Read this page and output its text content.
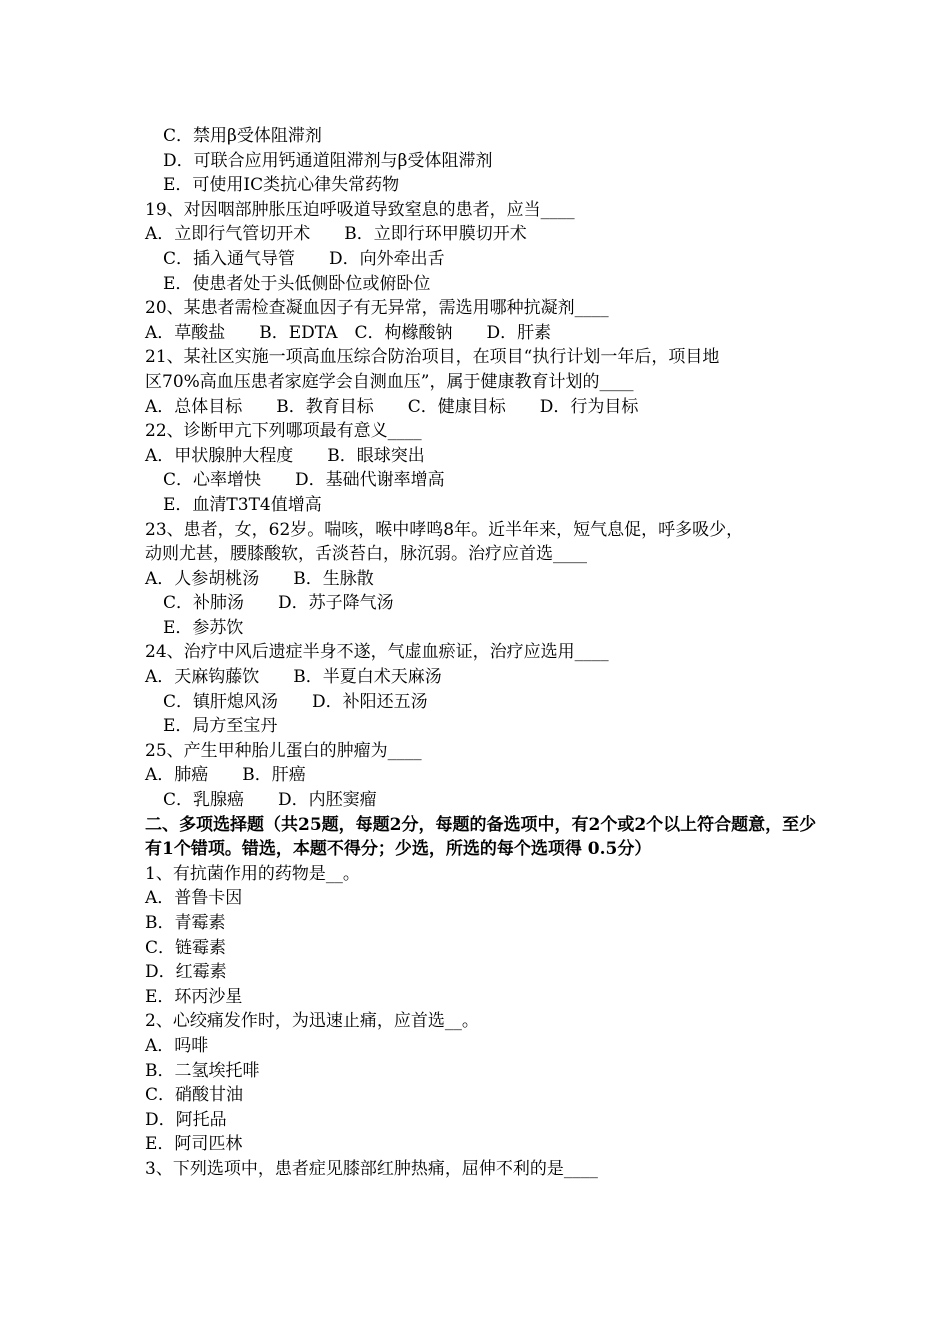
C．禁用β受体阻滞剂
D．可联合应用钙通道阻滞剂与β受体阻滞剂
E．可使用IC类抗心律失常药物
19、对因咽部肿胀压迫呼吸道导致窒息的患者，应当____
A．立即行气管切开术　　B．立即行环甲膜切开术
C．插入通气导管　　D．向外牵出舌
E．使患者处于头低侧卧位或俯卧位
20、某患者需检查凝血因子有无异常，需选用哪种抗凝剂____
A．草酸盐　　B．EDTA　C．枸橼酸钠　　D．肝素
21、某社区实施一项高血压综合防治项目，在项目“执行计划一年后，项目地
区70%高血压患者家庭学会自测血压”，属于健康教育计划的____
A．总体目标　　B．教育目标　　C．健康目标　　D．行为目标
22、诊断甲亢下列哪项最有意义____
A．甲状腺肿大程度　　B．眼球突出
C．心率增快　　D．基础代谢率增高
E．血清T3T4值增高
23、患者，女，62岁。喘咳，喉中哮鸣8年。近半年来，短气息促，呼多吸少，
动则尤甚，腰膝酸软，舌淡苔白，脉沉弱。治疗应首选____
A．人参胡桃汤　　B．生脉散
C．补肺汤　　D．苏子降气汤
E．参苏饮
24、治疗中风后遗症半身不遂，气虚血瘀证，治疗应选用____
A．天麻钩藤饮　　B．半夏白术天麻汤
C．镇肝熄风汤　　D．补阳还五汤
E．局方至宝丹
25、产生甲种胎儿蛋白的肿瘤为____
A．肺癌　　B．肝癌
C．乳腺癌　　D．内胚窦瘤
二、多项选择题（共25题，每题2分，每题的备选项中，有2个或2个以上符合题意，至少有1个错项。错选，本题不得分；少选，所选的每个选项得 0.5分）
1、有抗菌作用的药物是__。
A．普鲁卡因
B．青霉素
C．链霉素
D．红霉素
E．环丙沙星
2、心绞痛发作时，为迅速止痛，应首选__。
A．吗啡
B．二氢埃托啡
C．硝酸甘油
D．阿托品
E．阿司匹林
3、下列选项中，患者症见膝部红肿热痛，屈伸不利的是____
